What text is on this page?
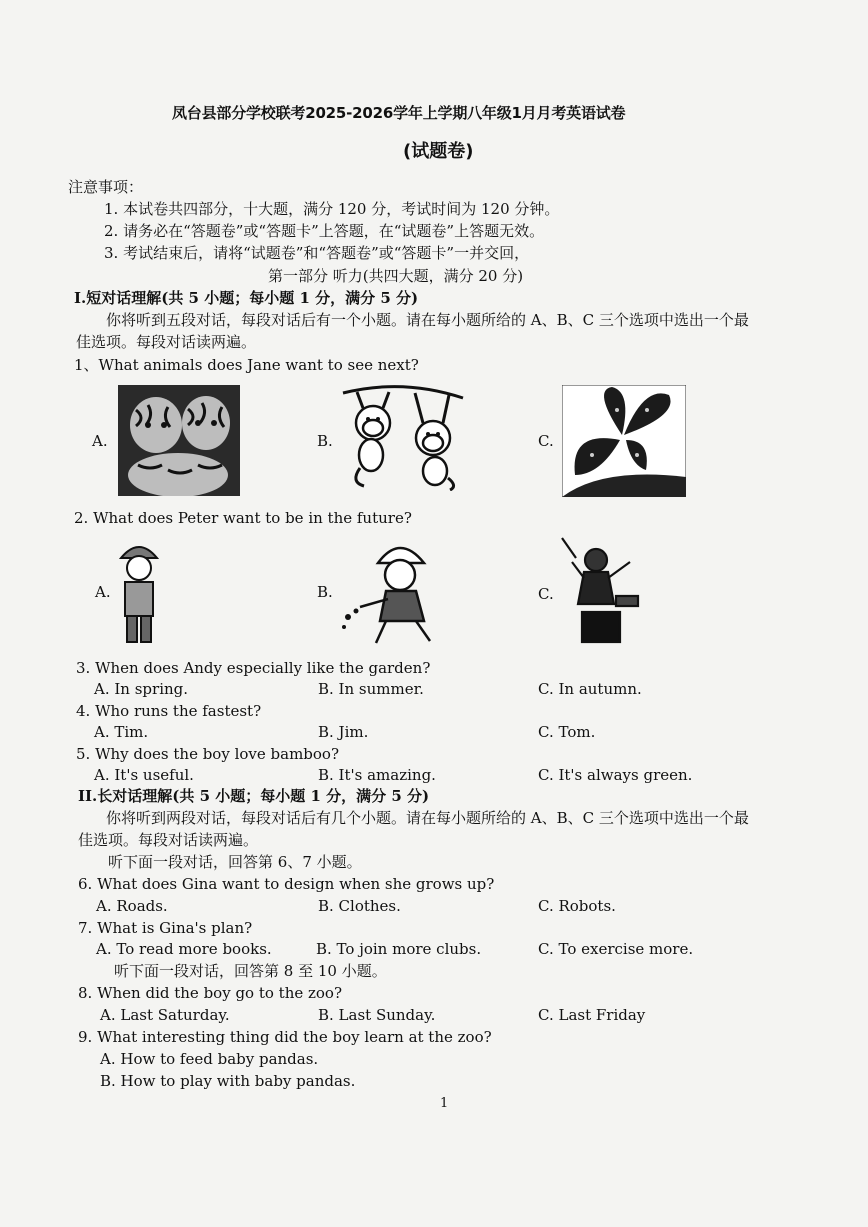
凤台县部分学校联考2025-2026学年上学期八年级1月月考英语试卷
(试题卷)
注意事项：
1. 本试卷共四部分，十大题，满分 120 分，考试时间为 120 分钟。
2. 请务必在“答题卷”或“答题卡”上答题，在“试题卷”上答题无效。
3. 考试结束后，请将“试题卷”和“答题卷”或“答题卡”一并交回，
第一部分 听力(共四大题，满分 20 分)
I.短对话理解(共 5 小题；每小题 1 分，满分 5 分)
你将听到五段对话，每段对话后有一个小题。请在每小题所给的 A、B、C 三个选项中选出一个最
佳选项。每段对话读两遍。
1、What animals does Jane want to see next?
A.	B.	C.
2. What does Peter want to be in the future?
A.	B.	C.
3. When does Andy especially like the garden?
A. In spring.	B. In summer.	C. In autumn.
4. Who runs the fastest?
A. Tim.	B. Jim.	C. Tom.
5. Why does the boy love bamboo?
A. It's useful.	B. It's amazing.	C. It's always green.
II.长对话理解(共 5 小题；每小题 1 分，满分 5 分)
你将听到两段对话，每段对话后有几个小题。请在每小题所给的 A、B、C 三个选项中选出一个最
佳选项。每段对话读两遍。
听下面一段对话，回答第 6、7 小题。
6. What does Gina want to design when she grows up?
A. Roads.	B. Clothes.	C. Robots.
7. What is Gina's plan?
A. To read more books.	B. To join more clubs.	C. To exercise more.
听下面一段对话，回答第 8 至 10 小题。
8. When did the boy go to the zoo?
A. Last Saturday.	B. Last Sunday.	C. Last Friday
9. What interesting thing did the boy learn at the zoo?
A. How to feed baby pandas.
B. How to play with baby pandas.
1
